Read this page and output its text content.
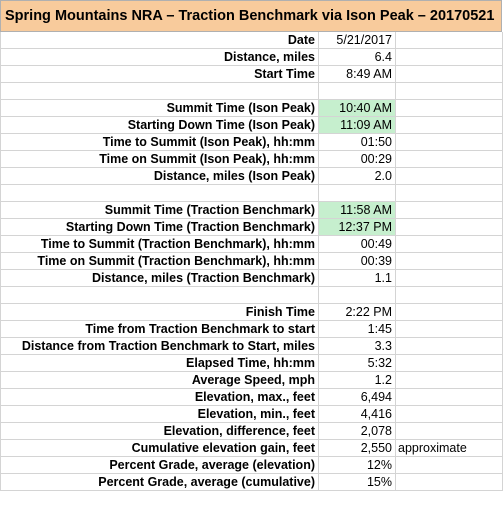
Spring Mountains NRA – Traction Benchmark via Ison Peak – 20170521
Date	5/21/2017
Distance, miles	6.4
Start Time	8:49 AM
Summit Time (Ison Peak)	10:40 AM
Starting Down Time (Ison Peak)	11:09 AM
Time to Summit (Ison Peak), hh:mm	01:50
Time on Summit (Ison Peak), hh:mm	00:29
Distance, miles (Ison Peak)	2.0
Summit Time (Traction Benchmark)	11:58 AM
Starting Down Time (Traction Benchmark)	12:37 PM
Time to Summit (Traction Benchmark), hh:mm	00:49
Time on Summit (Traction Benchmark), hh:mm	00:39
Distance, miles (Traction Benchmark)	1.1
Finish Time	2:22 PM
Time from Traction Benchmark to start	1:45
Distance from Traction Benchmark to Start, miles	3.3
Elapsed Time, hh:mm	5:32
Average Speed, mph	1.2
Elevation, max., feet	6,494
Elevation, min., feet	4,416
Elevation, difference, feet	2,078
Cumulative elevation gain, feet	2,550 approximate
Percent Grade, average (elevation)	12%
Percent Grade, average (cumulative)	15%
